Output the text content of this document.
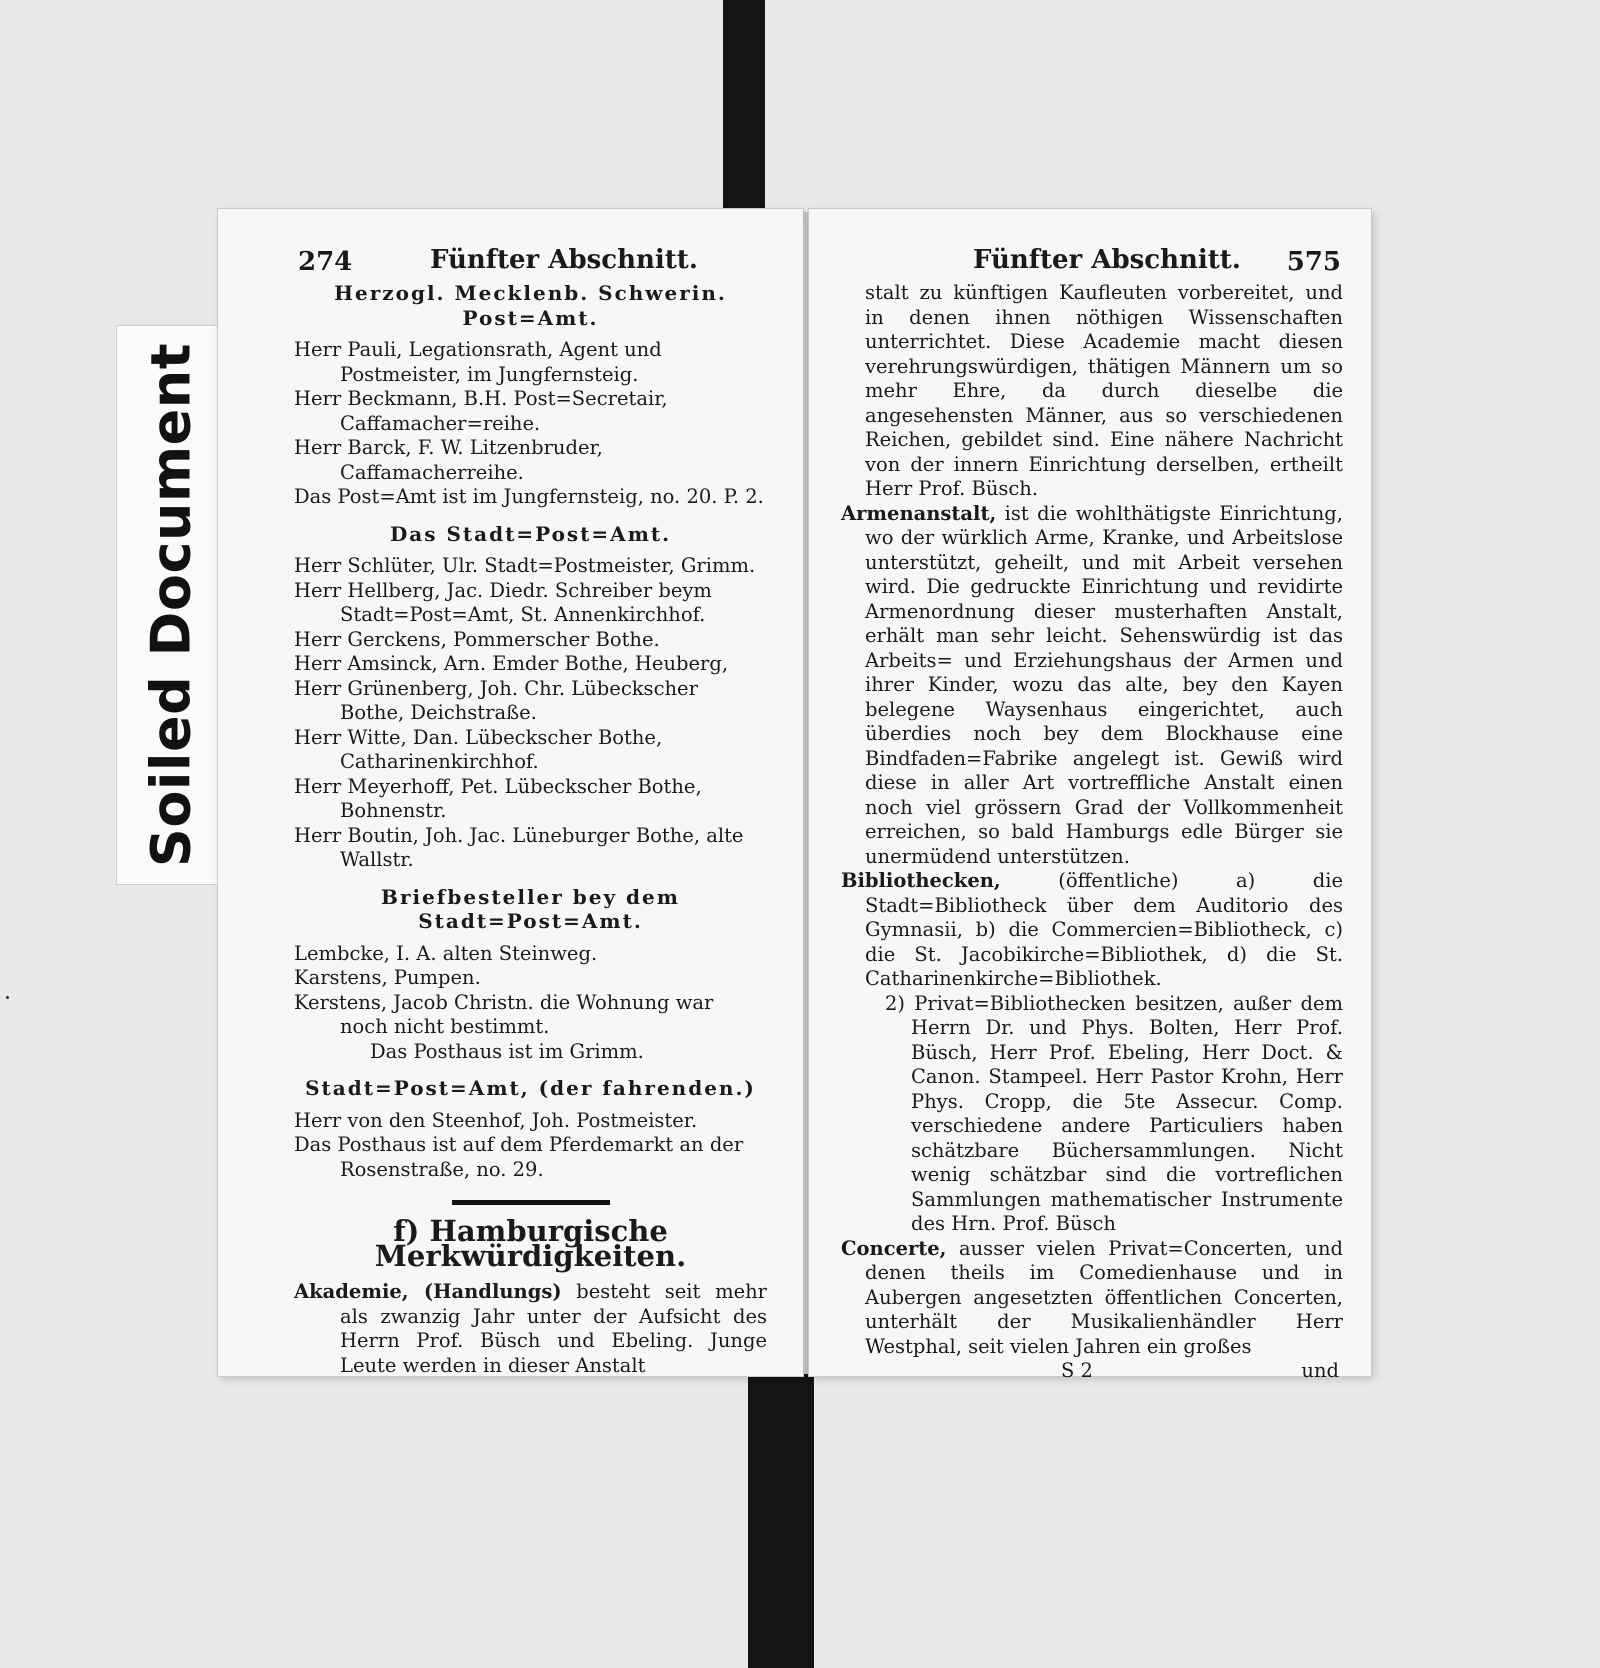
Soiled Document
274	Fünfter Abschnitt.
Herzogl. Mecklenb. Schwerin. Post=Amt.
Herr Pauli, Legationsrath, Agent und Postmeister, im Jungfernsteig.
Herr Beckmann, B.H. Post=Secretair, Caffamacher=reihe.
Herr Barck, F. W. Litzenbruder, Caffamacherreihe.
Das Post=Amt ist im Jungfernsteig, no. 20. P. 2.
Das Stadt=Post=Amt.
Herr Schlüter, Ulr. Stadt=Postmeister, Grimm.
Herr Hellberg, Jac. Diedr. Schreiber beym Stadt=Post=Amt, St. Annenkirchhof.
Herr Gerckens, Pommerscher Bothe.
Herr Amsinck, Arn. Emder Bothe, Heuberg,
Herr Grünenberg, Joh. Chr. Lübeckscher Bothe, Deichstraße.
Herr Witte, Dan. Lübeckscher Bothe, Catharinenkirchhof.
Herr Meyerhoff, Pet. Lübeckscher Bothe, Bohnenstr.
Herr Boutin, Joh. Jac. Lüneburger Bothe, alte Wallstr.
Briefbesteller bey dem Stadt=Post=Amt.
Lembcke, I. A. alten Steinweg.
Karstens, Pumpen.
Kerstens, Jacob Christn. die Wohnung war noch nicht bestimmt.
Das Posthaus ist im Grimm.
Stadt=Post=Amt, (der fahrenden.)
Herr von den Steenhof, Joh. Postmeister.
Das Posthaus ist auf dem Pferdemarkt an der Rosenstraße, no. 29.
f) Hamburgische Merkwürdigkeiten.
Akademie, (Handlungs) besteht seit mehr als zwanzig Jahr unter der Aufsicht des Herrn Prof. Büsch und Ebeling. Junge Leute werden in dieser Anstalt
Fünfter Abschnitt. 575
stalt zu künftigen Kaufleuten vorbereitet, und in denen ihnen nöthigen Wissenschaften unterrichtet. Diese Academie macht diesen verehrungswürdigen, thätigen Männern um so mehr Ehre, da durch dieselbe die angesehensten Männer, aus so verschiedenen Reichen, gebildet sind. Eine nähere Nachricht von der innern Einrichtung derselben, ertheilt Herr Prof. Büsch.
Armenanstalt, ist die wohlthätigste Einrichtung, wo der würklich Arme, Kranke, und Arbeitslose unterstützt, geheilt, und mit Arbeit versehen wird. Die gedruckte Einrichtung und revidirte Armenordnung dieser musterhaften Anstalt, erhält man sehr leicht. Sehenswürdig ist das Arbeits= und Erziehungshaus der Armen und ihrer Kinder, wozu das alte, bey den Kayen belegene Waysenhaus eingerichtet, auch überdies noch bey dem Blockhause eine Bindfaden=Fabrike angelegt ist. Gewiß wird diese in aller Art vortreffliche Anstalt einen noch viel grössern Grad der Vollkommenheit erreichen, so bald Hamburgs edle Bürger sie unermüdend unterstützen.
Bibliothecken,	(öffentliche) a) die Stadt=Bibliotheck über dem Auditorio des Gymnasii, b) die Commercien=Bibliotheck, c) die St. Jacobikirche=Bibliothek, d) die St. Catharinenkirche=Bibliothek.
2) Privat=Bibliothecken besitzen, außer dem Herrn Dr. und Phys. Bolten, Herr Prof. Büsch, Herr Prof. Ebeling, Herr Doct. & Canon. Stampeel. Herr Pastor Krohn, Herr Phys. Cropp, die 5te Assecur. Comp. verschiedene andere Particuliers haben schätzbare Büchersammlungen. Nicht wenig schätzbar sind die vortreflichen Sammlungen mathematischer Instrumente des Hrn. Prof. Büsch
Concerte, ausser vielen Privat=Concerten, und denen theils im Comedienhause und in Aubergen angesetzten öffentlichen Concerten, unterhält der Musikalienhändler Herr Westphal, seit vielen Jahren ein großes
S 2	und
